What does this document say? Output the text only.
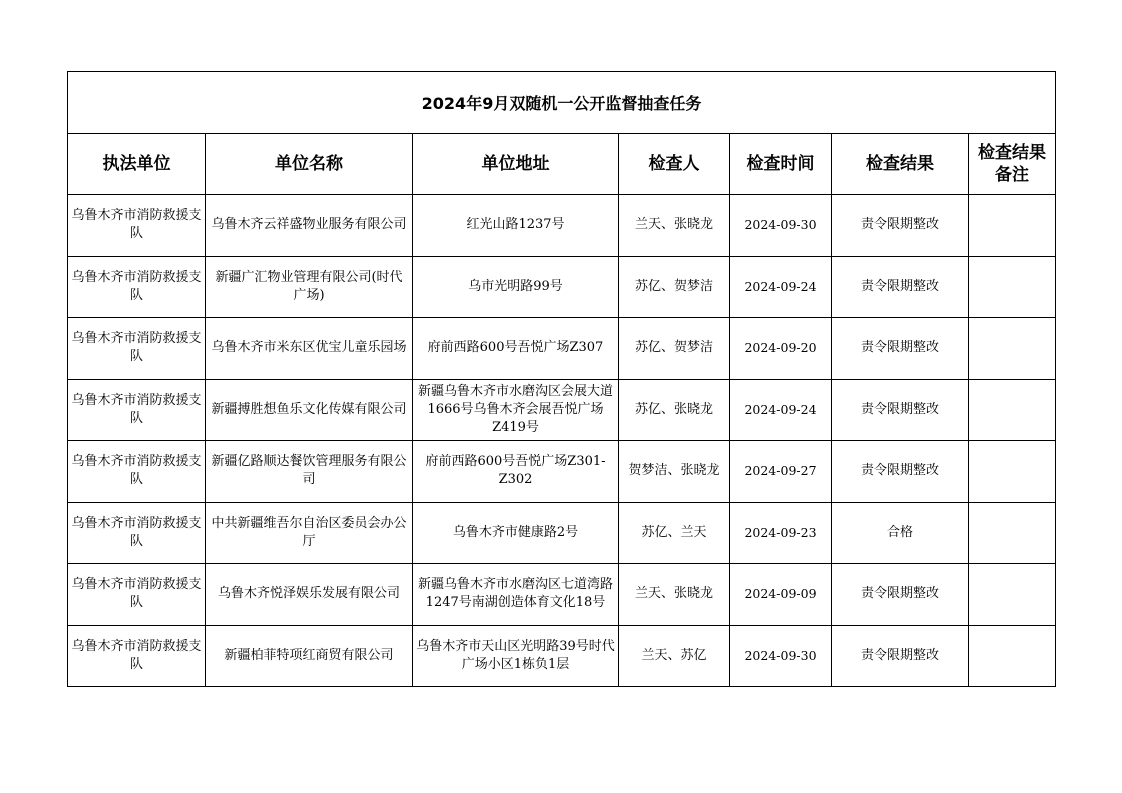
2024年9月双随机一公开监督抽查任务						
执法单位	单位名称	单位地址	检查人	检查时间	检查结果	检查结果备注
乌鲁木齐市消防救援支队	乌鲁木齐云祥盛物业服务有限公司	红光山路1237号	兰天、张晓龙	2024-09-30	责令限期整改	
乌鲁木齐市消防救援支队	新疆广汇物业管理有限公司(时代广场)	乌市光明路99号	苏亿、贺梦洁	2024-09-24	责令限期整改	
乌鲁木齐市消防救援支队	乌鲁木齐市米东区优宝儿童乐园场	府前西路600号吾悦广场Z307	苏亿、贺梦洁	2024-09-20	责令限期整改	
乌鲁木齐市消防救援支队	新疆搏胜想鱼乐文化传媒有限公司	新疆乌鲁木齐市水磨沟区会展大道1666号乌鲁木齐会展吾悦广场Z419号	苏亿、张晓龙	2024-09-24	责令限期整改	
乌鲁木齐市消防救援支队	新疆亿路顺达餐饮管理服务有限公司	府前西路600号吾悦广场Z301-Z302	贺梦洁、张晓龙	2024-09-27	责令限期整改	
乌鲁木齐市消防救援支队	中共新疆维吾尔自治区委员会办公厅	乌鲁木齐市健康路2号	苏亿、兰天	2024-09-23	合格	
乌鲁木齐市消防救援支队	乌鲁木齐悦泽娱乐发展有限公司	新疆乌鲁木齐市水磨沟区七道湾路1247号南湖创造体育文化18号	兰天、张晓龙	2024-09-09	责令限期整改	
乌鲁木齐市消防救援支队	新疆柏菲特项红商贸有限公司	乌鲁木齐市天山区光明路39号时代广场小区1栋负1层	兰天、苏亿	2024-09-30	责令限期整改	
